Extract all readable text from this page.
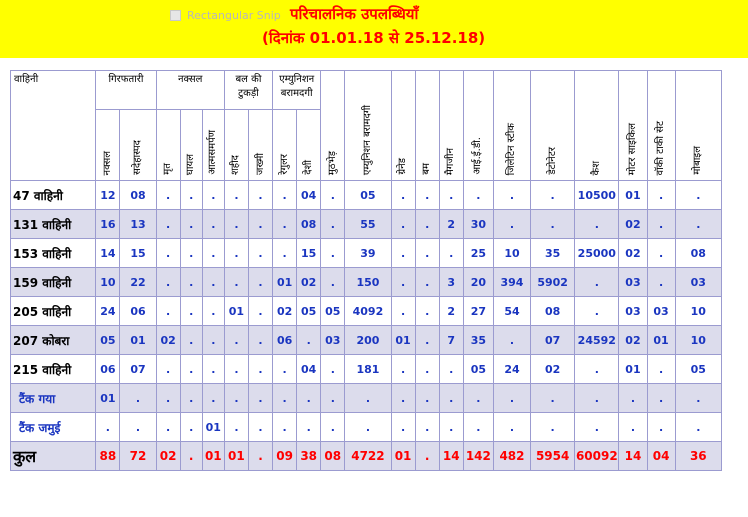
Rectangular Snip परिचालनिक उपलब्धियाँ
(दिनांक 01.01.18 से 25.12.18)
वाहिनी	गिरफतारी		नक्सल			बल की टुकड़ी		एम्युनिशन बरामदगी		मुठभेड़	एम्युनिशन बरामदगी	ग्रेनेड	बम	मैगजीन	आई.ई.डी.	जिलेटिन स्टीक	डेटोनेटर	कैश	मोटर साइकिल	वॉकी टाकी सेट	मोबाइल
	नक्सल	सदेहास्पद	मृत	घायल	आत्मसमर्पण	शहीद	जख्मी	रेगुलर	देशी												
47 वाहिनी	12	08	.	.	.	.	.	.	04	.	05	.	.	.	.	.	.	10500	01	.	.
131 वाहिनी	16	13	.	.	.	.	.	.	08	.	55	.	.	2	30	.	.	.	02	.	.
153 वाहिनी	14	15	.	.	.	.	.	.	15	.	39	.	.	.	25	10	35	25000	02	.	08
159 वाहिनी	10	22	.	.	.	.	.	01	02	.	150	.	.	3	20	394	5902	.	03	.	03
205 वाहिनी	24	06	.	.	.	01	.	02	05	05	4092	.	.	2	27	54	08	.	03	03	10
207 कोबरा	05	01	02	.	.	.	.	06	.	03	200	01	.	7	35	.	07	24592	02	01	10
215 वाहिनी	06	07	.	.	.	.	.	.	04	.	181	.	.	.	05	24	02	.	01	.	05
टैंक गया	01	.	.	.	.	.	.	.	.	.	.	.	.	.	.	.	.	.	.	.	.
टैंक जमुई	.	.	.	.	01	.	.	.	.	.	.	.	.	.	.	.	.	.	.	.	.
कुल	88	72	02	.	01	01	.	09	38	08	4722	01	.	14	142	482	5954	60092	14	04	36
